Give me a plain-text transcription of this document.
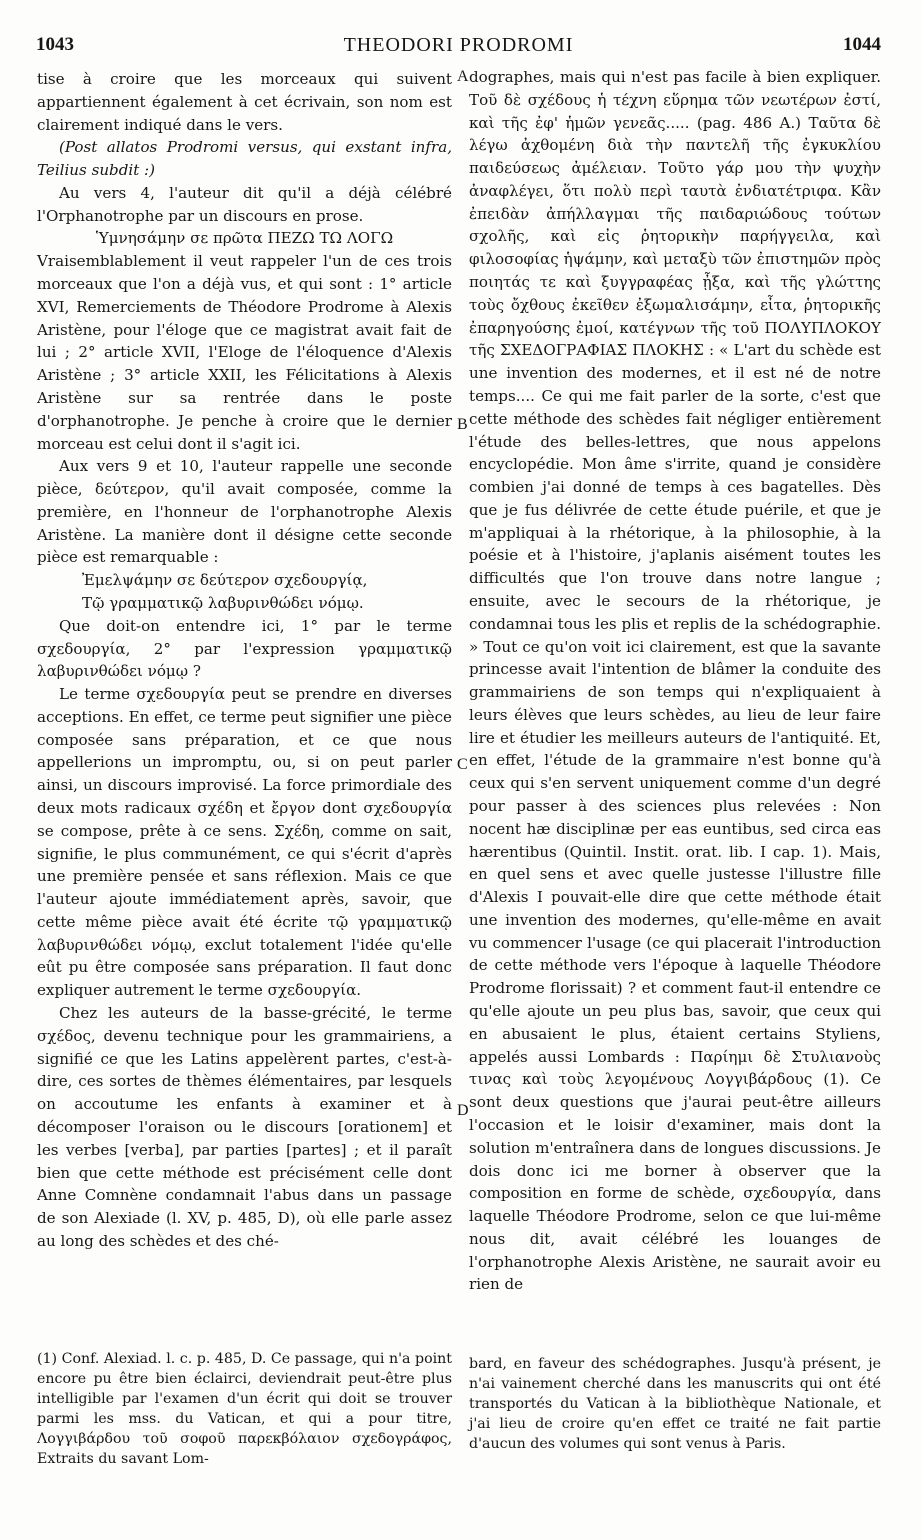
1043	THEODORI PRODROMI	1044

tise à croire que les morceaux qui suivent appartiennent également à cet écrivain, son nom est clairement indiqué dans le vers.

(Post allatos Prodromi versus, qui exstant infra, Teilius subdit :)

Au vers 4, l'auteur dit qu'il a déjà célébré l'Orphanotrophe par un discours en prose.

Ὑμνησάμην σε πρῶτα ΠΕΖΩ ΤΩ ΛΟΓΩ

Vraisemblablement il veut rappeler l'un de ces trois morceaux que l'on a déjà vus, et qui sont : 1° article XVI, Remerciements de Théodore Prodrome à Alexis Aristène, pour l'éloge que ce magistrat avait fait de lui ; 2° article XVII, l'Eloge de l'éloquence d'Alexis Aristène ; 3° article XXII, les Félicitations à Alexis Aristène sur sa rentrée dans le poste d'orphanotrophe. Je penche à croire que le dernier morceau est celui dont il s'agit ici.

Aux vers 9 et 10, l'auteur rappelle une seconde pièce, δεύτερον, qu'il avait composée, comme la première, en l'honneur de l'orphanotrophe Alexis Aristène. La manière dont il désigne cette seconde pièce est remarquable :

Ἐμελψάμην σε δεύτερον σχεδουργίᾳ,

Τῷ γραμματικῷ λαβυρινθώδει νόμῳ.

Que doit-on entendre ici, 1° par le terme σχεδουργία, 2° par l'expression γραμματικῷ λαβυρινθώδει νόμῳ ?

Le terme σχεδουργία peut se prendre en diverses acceptions. En effet, ce terme peut signifier une pièce composée sans préparation, et ce que nous appellerions un impromptu, ou, si on peut parler ainsi, un discours improvisé. La force primordiale des deux mots radicaux σχέδη et ἔργον dont σχεδουργία se compose, prête à ce sens. Σχέδη, comme on sait, signifie, le plus communément, ce qui s'écrit d'après une première pensée et sans réflexion. Mais ce que l'auteur ajoute immédiatement après, savoir, que cette même pièce avait été écrite τῷ γραμματικῷ λαβυρινθώδει νόμῳ, exclut totalement l'idée qu'elle eût pu être composée sans préparation. Il faut donc expliquer autrement le terme σχεδουργία.

Chez les auteurs de la basse-grécité, le terme σχέδος, devenu technique pour les grammairiens, a signifié ce que les Latins appelèrent partes, c'est-à-dire, ces sortes de thèmes élémentaires, par lesquels on accoutume les enfants à examiner et à décomposer l'oraison ou le discours [orationem] et les verbes [verba], par parties [partes] ; et il paraît bien que cette méthode est précisément celle dont Anne Comnène condamnait l'abus dans un passage de son Alexiade (l. XV, p. 485, D), où elle parle assez au long des schèdes et des ché-

(1) Conf. Alexiad. l. c. p. 485, D. Ce passage, qui n'a point encore pu être bien éclairci, deviendrait peut-être plus intelligible par l'examen d'un écrit qui doit se trouver parmi les mss. du Vatican, et qui a pour titre, Λογγιβάρδου τοῦ σοφοῦ παρεκβόλαιον σχεδογράφος, Extraits du savant Lom-
A
B
C
D

dographes, mais qui n'est pas facile à bien expliquer. Τοῦ δὲ σχέδους ἡ τέχνη εὕρημα τῶν νεωτέρων ἐστί, καὶ τῆς ἐφ' ἡμῶν γενεᾶς..... (pag. 486 A.) Ταῦτα δὲ λέγω ἀχθομένη διὰ τὴν παντελῆ τῆς ἐγκυκλίου παιδεύσεως ἀμέλειαν. Τοῦτο γάρ μου τὴν ψυχὴν ἀναφλέγει, ὅτι πολὺ περὶ ταυτὰ ἐνδιατέτριφα. Κἂν ἐπειδὰν ἀπήλλαγμαι τῆς παιδαριώδους τούτων σχολῆς, καὶ εἰς ῥητορικὴν παρήγγειλα, καὶ φιλοσοφίας ἡψάμην, καὶ μεταξὺ τῶν ἐπιστημῶν πρὸς ποιητάς τε καὶ ξυγγραφέας ᾖξα, καὶ τῆς γλώττης τοὺς ὄχθους ἐκεῖθεν ἐξωμαλισάμην, εἶτα, ῥητορικῆς ἐπαρηγούσης ἐμοί, κατέγνων τῆς τοῦ ΠΟΛΥΠΛΟΚΟΥ τῆς ΣΧΕΔΟΓΡΑΦΙΑΣ ΠΛΟΚΗΣ : « L'art du schède est une invention des modernes, et il est né de notre temps.... Ce qui me fait parler de la sorte, c'est que cette méthode des schèdes fait négliger entièrement l'étude des belles-lettres, que nous appelons encyclopédie. Mon âme s'irrite, quand je considère combien j'ai donné de temps à ces bagatelles. Dès que je fus délivrée de cette étude puérile, et que je m'appliquai à la rhétorique, à la philosophie, à la poésie et à l'histoire, j'aplanis aisément toutes les difficultés que l'on trouve dans notre langue ; ensuite, avec le secours de la rhétorique, je condamnai tous les plis et replis de la schédographie. » Tout ce qu'on voit ici clairement, est que la savante princesse avait l'intention de blâmer la conduite des grammairiens de son temps qui n'expliquaient à leurs élèves que leurs schèdes, au lieu de leur faire lire et étudier les meilleurs auteurs de l'antiquité. Et, en effet, l'étude de la grammaire n'est bonne qu'à ceux qui s'en servent uniquement comme d'un degré pour passer à des sciences plus relevées : Non nocent hæ disciplinæ per eas euntibus, sed circa eas hærentibus (Quintil. Instit. orat. lib. I cap. 1). Mais, en quel sens et avec quelle justesse l'illustre fille d'Alexis I pouvait-elle dire que cette méthode était une invention des modernes, qu'elle-même en avait vu commencer l'usage (ce qui placerait l'introduction de cette méthode vers l'époque à laquelle Théodore Prodrome florissait) ? et comment faut-il entendre ce qu'elle ajoute un peu plus bas, savoir, que ceux qui en abusaient le plus, étaient certains Styliens, appelés aussi Lombards : Παρίημι δὲ Στυλιανοὺς τινας καὶ τοὺς λεγομένους Λογγιβάρδους (1). Ce sont deux questions que j'aurai peut-être ailleurs l'occasion et le loisir d'examiner, mais dont la solution m'entraînera dans de longues discussions. Je dois donc ici me borner à observer que la composition en forme de schède, σχεδουργία, dans laquelle Théodore Prodrome, selon ce que lui-même nous dit, avait célébré les louanges de l'orphanotrophe Alexis Aristène, ne saurait avoir eu rien de

bard, en faveur des schédographes. Jusqu'à présent, je n'ai vainement cherché dans les manuscrits qui ont été transportés du Vatican à la bibliothèque Nationale, et j'ai lieu de croire qu'en effet ce traité ne fait partie d'aucun des volumes qui sont venus à Paris.
